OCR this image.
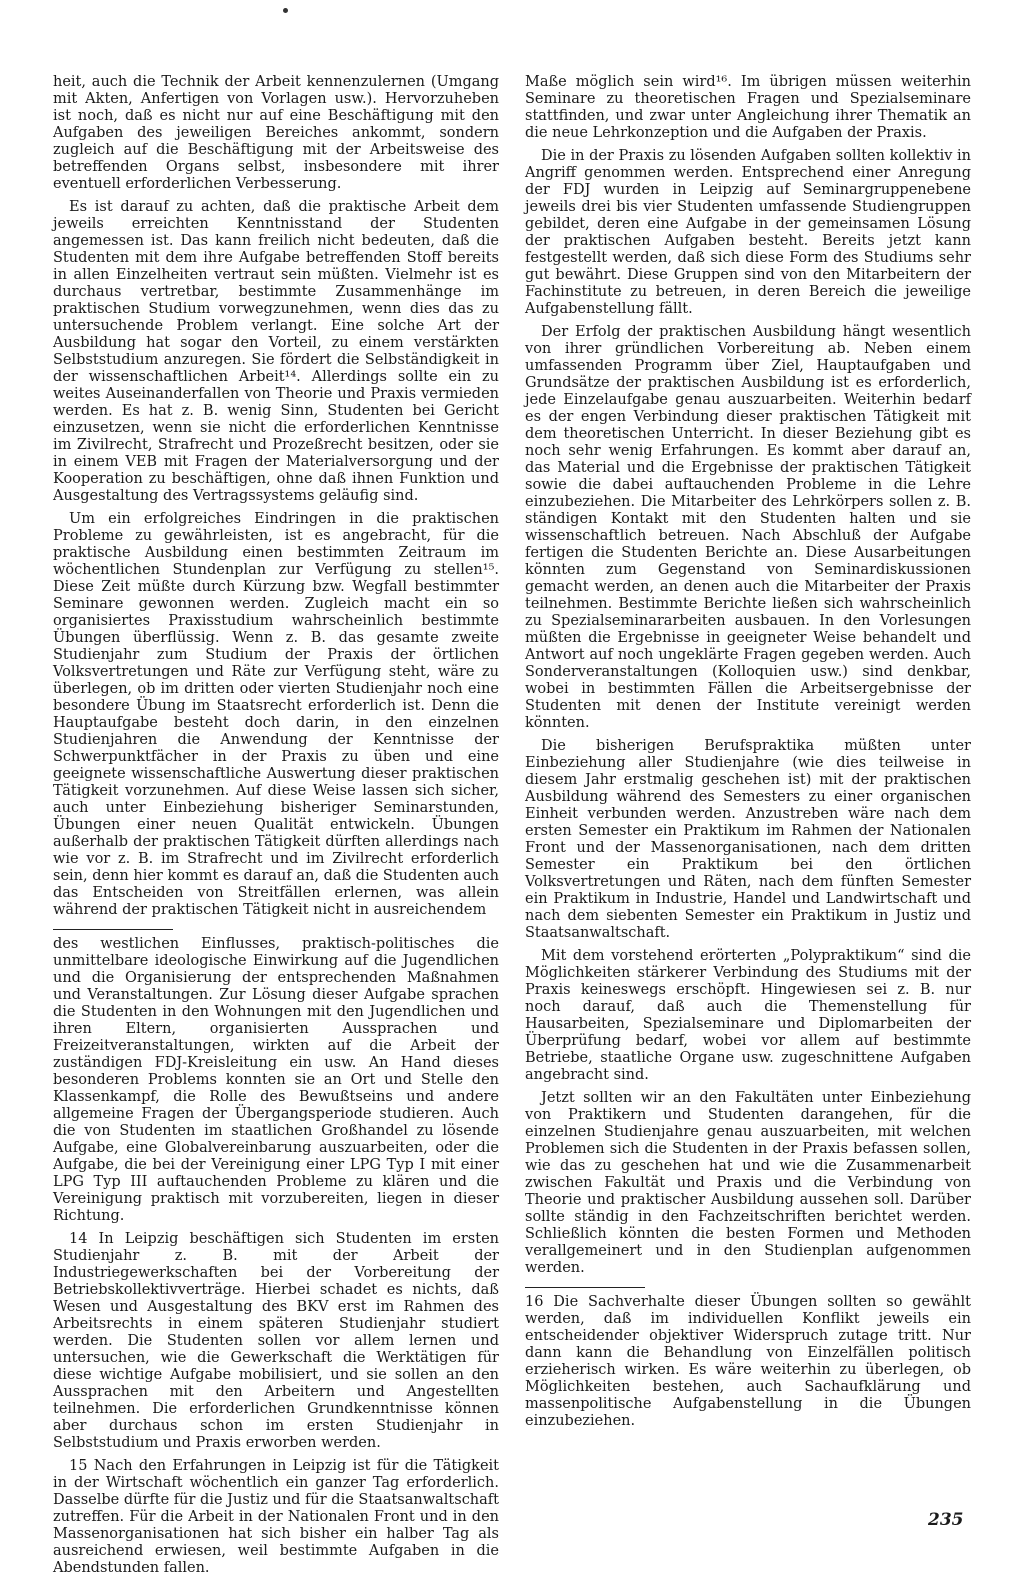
heit, auch die Technik der Arbeit kennenzulernen (Umgang mit Akten, Anfertigen von Vorlagen usw.). Hervorzuheben ist noch, daß es nicht nur auf eine Beschäftigung mit den Aufgaben des jeweiligen Bereiches ankommt, sondern zugleich auf die Beschäftigung mit der Arbeitsweise des betreffenden Organs selbst, insbesondere mit ihrer eventuell erforderlichen Verbesserung.

Es ist darauf zu achten, daß die praktische Arbeit dem jeweils erreichten Kenntnisstand der Studenten angemessen ist. Das kann freilich nicht bedeuten, daß die Studenten mit dem ihre Aufgabe betreffenden Stoff bereits in allen Einzelheiten vertraut sein müßten. Vielmehr ist es durchaus vertretbar, bestimmte Zusammenhänge im praktischen Studium vorwegzunehmen, wenn dies das zu untersuchende Problem verlangt. Eine solche Art der Ausbildung hat sogar den Vorteil, zu einem verstärkten Selbststudium anzuregen. Sie fördert die Selbständigkeit in der wissenschaftlichen Arbeit¹⁴. Allerdings sollte ein zu weites Auseinanderfallen von Theorie und Praxis vermieden werden. Es hat z. B. wenig Sinn, Studenten bei Gericht einzusetzen, wenn sie nicht die erforderlichen Kenntnisse im Zivilrecht, Strafrecht und Prozeßrecht besitzen, oder sie in einem VEB mit Fragen der Materialversorgung und der Kooperation zu beschäftigen, ohne daß ihnen Funktion und Ausgestaltung des Vertragssystems geläufig sind.

Um ein erfolgreiches Eindringen in die praktischen Probleme zu gewährleisten, ist es angebracht, für die praktische Ausbildung einen bestimmten Zeitraum im wöchentlichen Stundenplan zur Verfügung zu stellen¹⁵. Diese Zeit müßte durch Kürzung bzw. Wegfall bestimmter Seminare gewonnen werden. Zugleich macht ein so organisiertes Praxisstudium wahrscheinlich bestimmte Übungen überflüssig. Wenn z. B. das gesamte zweite Studienjahr zum Studium der Praxis der örtlichen Volksvertretungen und Räte zur Verfügung steht, wäre zu überlegen, ob im dritten oder vierten Studienjahr noch eine besondere Übung im Staatsrecht erforderlich ist. Denn die Hauptaufgabe besteht doch darin, in den einzelnen Studienjahren die Anwendung der Kenntnisse der Schwerpunktfächer in der Praxis zu üben und eine geeignete wissenschaftliche Auswertung dieser praktischen Tätigkeit vorzunehmen. Auf diese Weise lassen sich sicher, auch unter Einbeziehung bisheriger Seminarstunden, Übungen einer neuen Qualität entwickeln. Übungen außerhalb der praktischen Tätigkeit dürften allerdings nach wie vor z. B. im Strafrecht und im Zivilrecht erforderlich sein, denn hier kommt es darauf an, daß die Studenten auch das Entscheiden von Streitfällen erlernen, was allein während der praktischen Tätigkeit nicht in ausreichendem

des westlichen Einflusses, praktisch-politisches die unmittelbare ideologische Einwirkung auf die Jugendlichen und die Organisierung der entsprechenden Maßnahmen und Veranstaltungen. Zur Lösung dieser Aufgabe sprachen die Studenten in den Wohnungen mit den Jugendlichen und ihren Eltern, organisierten Aussprachen und Freizeitveranstaltungen, wirkten auf die Arbeit der zuständigen FDJ-Kreisleitung ein usw. An Hand dieses besonderen Problems konnten sie an Ort und Stelle den Klassenkampf, die Rolle des Bewußtseins und andere allgemeine Fragen der Übergangsperiode studieren. Auch die von Studenten im staatlichen Großhandel zu lösende Aufgabe, eine Globalvereinbarung auszuarbeiten, oder die Aufgabe, die bei der Vereinigung einer LPG Typ I mit einer LPG Typ III auftauchenden Probleme zu klären und die Vereinigung praktisch mit vorzubereiten, liegen in dieser Richtung.

14 In Leipzig beschäftigen sich Studenten im ersten Studienjahr z. B. mit der Arbeit der Industriegewerkschaften bei der Vorbereitung der Betriebskollektivverträge. Hierbei schadet es nichts, daß Wesen und Ausgestaltung des BKV erst im Rahmen des Arbeitsrechts in einem späteren Studienjahr studiert werden. Die Studenten sollen vor allem lernen und untersuchen, wie die Gewerkschaft die Werktätigen für diese wichtige Aufgabe mobilisiert, und sie sollen an den Aussprachen mit den Arbeitern und Angestellten teilnehmen. Die erforderlichen Grundkenntnisse können aber durchaus schon im ersten Studienjahr in Selbststudium und Praxis erworben werden.

15 Nach den Erfahrungen in Leipzig ist für die Tätigkeit in der Wirtschaft wöchentlich ein ganzer Tag erforderlich. Dasselbe dürfte für die Justiz und für die Staatsanwaltschaft zutreffen. Für die Arbeit in der Nationalen Front und in den Massenorganisationen hat sich bisher ein halber Tag als ausreichend erwiesen, weil bestimmte Aufgaben in die Abendstunden fallen.

Maße möglich sein wird¹⁶. Im übrigen müssen weiterhin Seminare zu theoretischen Fragen und Spezialseminare stattfinden, und zwar unter Angleichung ihrer Thematik an die neue Lehrkonzeption und die Aufgaben der Praxis.

Die in der Praxis zu lösenden Aufgaben sollten kollektiv in Angriff genommen werden. Entsprechend einer Anregung der FDJ wurden in Leipzig auf Seminargruppenebene jeweils drei bis vier Studenten umfassende Studiengruppen gebildet, deren eine Aufgabe in der gemeinsamen Lösung der praktischen Aufgaben besteht. Bereits jetzt kann festgestellt werden, daß sich diese Form des Studiums sehr gut bewährt. Diese Gruppen sind von den Mitarbeitern der Fachinstitute zu betreuen, in deren Bereich die jeweilige Aufgabenstellung fällt.

Der Erfolg der praktischen Ausbildung hängt wesentlich von ihrer gründlichen Vorbereitung ab. Neben einem umfassenden Programm über Ziel, Hauptaufgaben und Grundsätze der praktischen Ausbildung ist es erforderlich, jede Einzelaufgabe genau auszuarbeiten. Weiterhin bedarf es der engen Verbindung dieser praktischen Tätigkeit mit dem theoretischen Unterricht. In dieser Beziehung gibt es noch sehr wenig Erfahrungen. Es kommt aber darauf an, das Material und die Ergebnisse der praktischen Tätigkeit sowie die dabei auftauchenden Probleme in die Lehre einzubeziehen. Die Mitarbeiter des Lehrkörpers sollen z. B. ständigen Kontakt mit den Studenten halten und sie wissenschaftlich betreuen. Nach Abschluß der Aufgabe fertigen die Studenten Berichte an. Diese Ausarbeitungen könnten zum Gegenstand von Seminardiskussionen gemacht werden, an denen auch die Mitarbeiter der Praxis teilnehmen. Bestimmte Berichte ließen sich wahrscheinlich zu Spezialseminararbeiten ausbauen. In den Vorlesungen müßten die Ergebnisse in geeigneter Weise behandelt und Antwort auf noch ungeklärte Fragen gegeben werden. Auch Sonderveranstaltungen (Kolloquien usw.) sind denkbar, wobei in bestimmten Fällen die Arbeitsergebnisse der Studenten mit denen der Institute vereinigt werden könnten.

Die bisherigen Berufspraktika müßten unter Einbeziehung aller Studienjahre (wie dies teilweise in diesem Jahr erstmalig geschehen ist) mit der praktischen Ausbildung während des Semesters zu einer organischen Einheit verbunden werden. Anzustreben wäre nach dem ersten Semester ein Praktikum im Rahmen der Nationalen Front und der Massenorganisationen, nach dem dritten Semester ein Praktikum bei den örtlichen Volksvertretungen und Räten, nach dem fünften Semester ein Praktikum in Industrie, Handel und Landwirtschaft und nach dem siebenten Semester ein Praktikum in Justiz und Staatsanwaltschaft.

Mit dem vorstehend erörterten „Polypraktikum“ sind die Möglichkeiten stärkerer Verbindung des Studiums mit der Praxis keineswegs erschöpft. Hingewiesen sei z. B. nur noch darauf, daß auch die Themenstellung für Hausarbeiten, Spezialseminare und Diplomarbeiten der Überprüfung bedarf, wobei vor allem auf bestimmte Betriebe, staatliche Organe usw. zugeschnittene Aufgaben angebracht sind.

Jetzt sollten wir an den Fakultäten unter Einbeziehung von Praktikern und Studenten darangehen, für die einzelnen Studienjahre genau auszuarbeiten, mit welchen Problemen sich die Studenten in der Praxis befassen sollen, wie das zu geschehen hat und wie die Zusammenarbeit zwischen Fakultät und Praxis und die Verbindung von Theorie und praktischer Ausbildung aussehen soll. Darüber sollte ständig in den Fachzeitschriften berichtet werden. Schließlich könnten die besten Formen und Methoden verallgemeinert und in den Studienplan aufgenommen werden.

16 Die Sachverhalte dieser Übungen sollten so gewählt werden, daß im individuellen Konflikt jeweils ein entscheidender objektiver Widerspruch zutage tritt. Nur dann kann die Behandlung von Einzelfällen politisch erzieherisch wirken. Es wäre weiterhin zu überlegen, ob Möglichkeiten bestehen, auch Sachaufklärung und massenpolitische Aufgabenstellung in die Übungen einzubeziehen.

235
